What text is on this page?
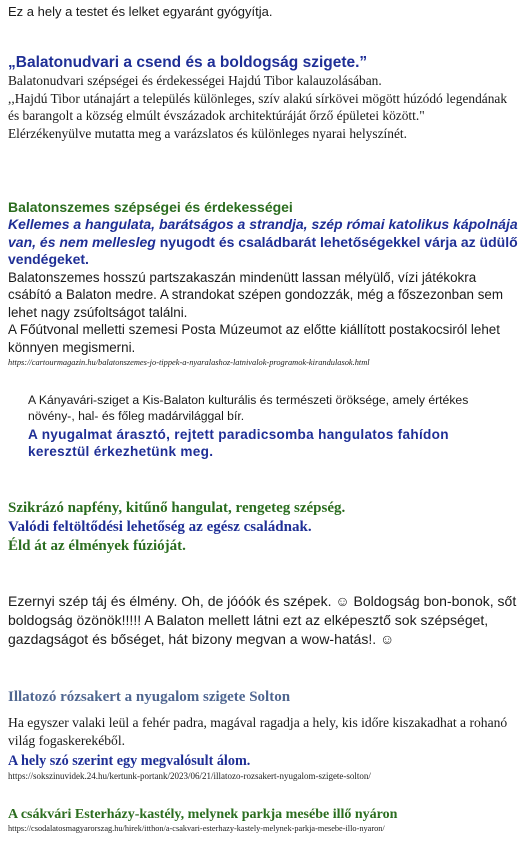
Ez a hely a testet és lelket egyaránt gyógyítja.

„Balatonudvari a csend és a boldogság szigete.”

Balatonudvari szépségei és érdekességei Hajdú Tibor kalauzolásában.

,,Hajdú Tibor utánajárt a település különleges, szív alakú sírkövei mögött húzódó legendának és barangolt a község elmúlt évszázadok architektúráját őrző épületei között."

Elérzékenyülve mutatta meg a varázslatos és különleges nyarai helyszínét.

Balatonszemes szépségei és érdekességei

Kellemes a hangulata, barátságos a strandja, szép római katolikus kápolnája van, és nem mellesleg nyugodt és családbarát lehetőségekkel várja az üdülő vendégeket.

Balatonszemes hosszú partszakaszán mindenütt lassan mélyülő, vízi játékokra csábító a Balaton medre. A strandokat szépen gondozzák, még a főszezonban sem lehet nagy zsúfoltságot találni.

A Főútvonal melletti szemesi Posta Múzeumot az előtte kiállított postakocsiról lehet könnyen megismerni.

https://cartourmagazin.hu/balatonszemes-jo-tippek-a-nyaralashoz-latnivalok-programok-kirandulasok.html

A Kányavári-sziget a Kis-Balaton kulturális és természeti öröksége, amely értékes növény-, hal- és főleg madárvilággal bír.

A nyugalmat árasztó, rejtett paradicsomba hangulatos fahídon keresztül érkezhetünk meg.

Szikrázó napfény, kitűnő hangulat, rengeteg szépség.

Valódi feltöltődési lehetőség az egész családnak.

Éld át az élmények fúzióját.

Ezernyi szép táj és élmény. Oh, de jóóók és szépek. ☺ Boldogság bon-bonok, sőt boldogság özönök!!!!! A Balaton mellett látni ezt az elképesztő sok szépséget, gazdagságot és bőséget, hát bizony megvan a wow-hatás!. ☺

Illatozó rózsakert a nyugalom szigete Solton

Ha egyszer valaki leül a fehér padra, magával ragadja a hely, kis időre kiszakadhat a rohanó világ fogaskerekéből.

A hely szó szerint egy megvalósult álom.

https://sokszinuvidek.24.hu/kertunk-portank/2023/06/21/illatozo-rozsakert-nyugalom-szigete-solton/

A csákvári Esterházy-kastély, melynek parkja mesébe illő nyáron

https://csodalatosmagyarorszag.hu/hirek/itthon/a-csakvari-esterhazy-kastely-melynek-parkja-mesebe-illo-nyaron/
